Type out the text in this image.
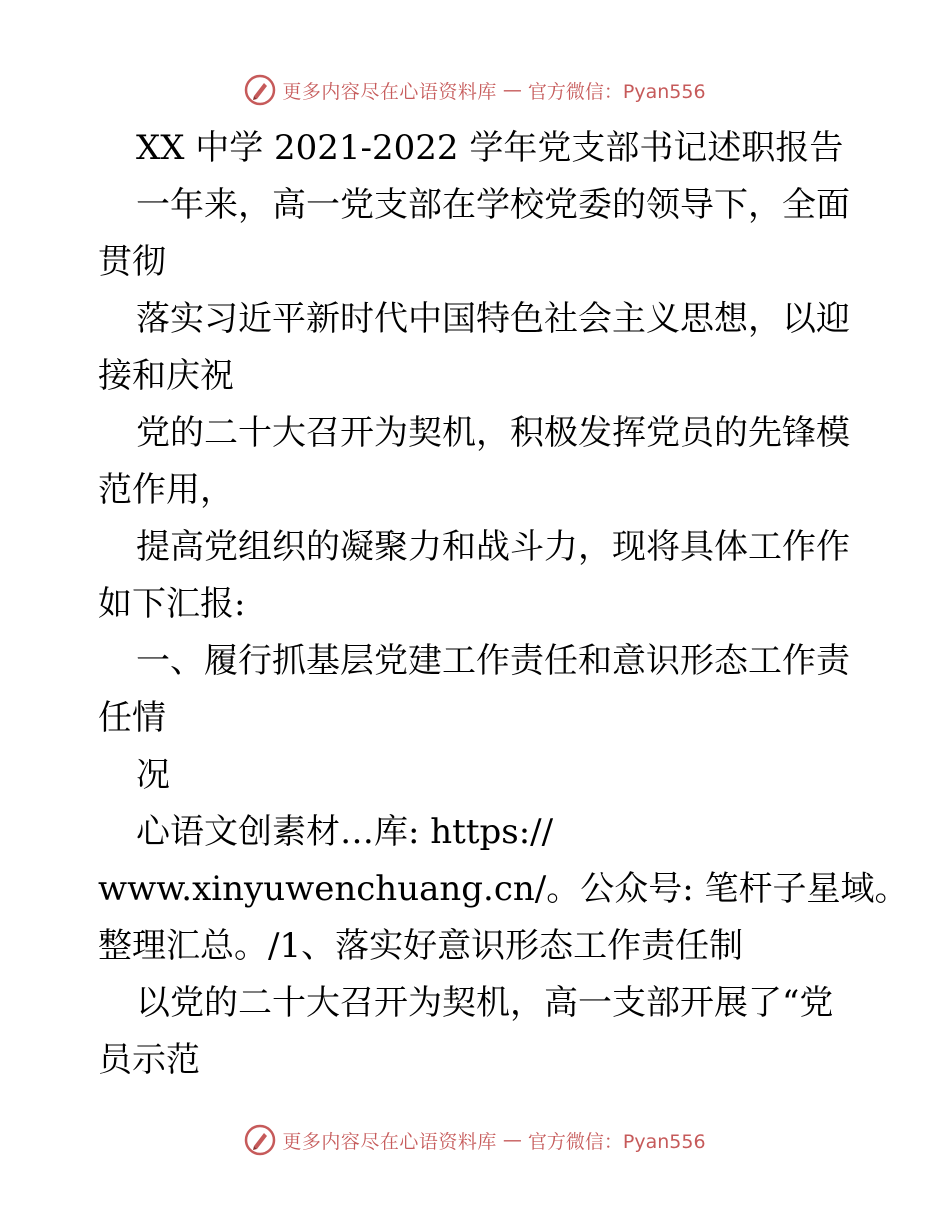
更多内容尽在心语资料库 — 官方微信：Pyan556
XX 中学 2021-2022 学年党支部书记述职报告
一年来，高一党支部在学校党委的领导下，全面
贯彻
落实习近平新时代中国特色社会主义思想，以迎
接和庆祝
党的二十大召开为契机，积极发挥党员的先锋模
范作用，
提高党组织的凝聚力和战斗力，现将具体工作作
如下汇报:
一、履行抓基层党建工作责任和意识形态工作责
任情
况
心语文创素材…库: https://
www.xinyuwenchuang.cn/。公众号: 笔杆子星域。
整理汇总。/1、落实好意识形态工作责任制
以党的二十大召开为契机，高一支部开展了“党
员示范
更多内容尽在心语资料库 — 官方微信：Pyan556
